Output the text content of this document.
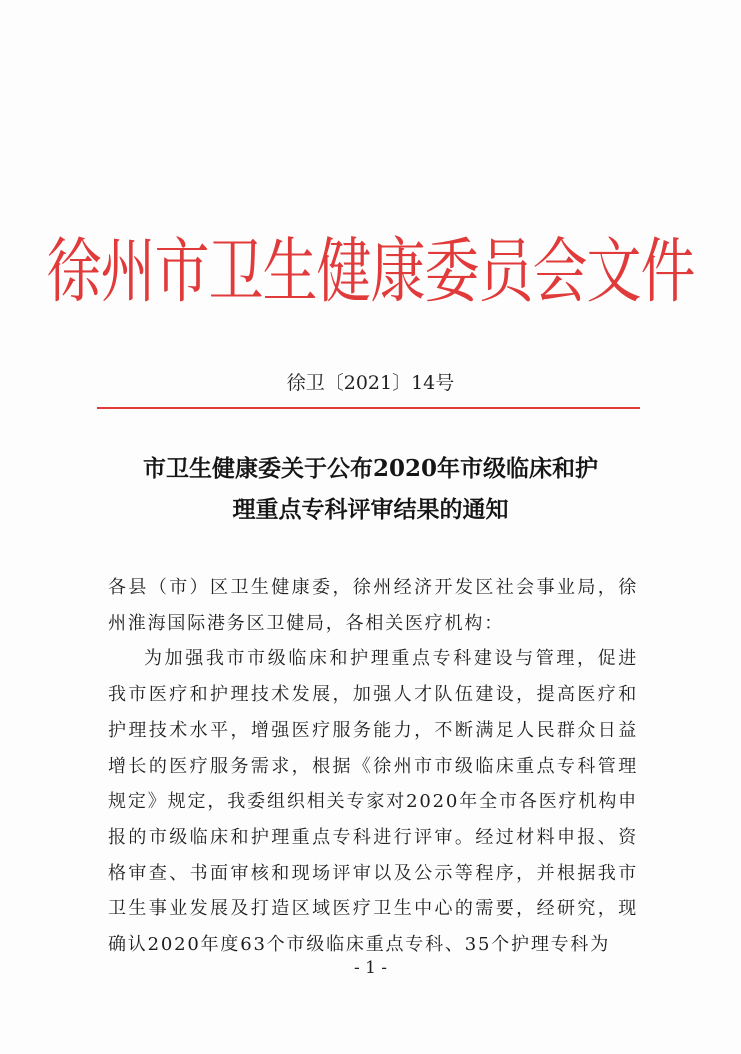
徐州市卫生健康委员会文件
徐卫〔2021〕14号
市卫生健康委关于公布2020年市级临床和护
理重点专科评审结果的通知

各县（市）区卫生健康委，徐州经济开发区社会事业局，徐州淮海国际港务区卫健局，各相关医疗机构：

为加强我市市级临床和护理重点专科建设与管理，促进我市医疗和护理技术发展，加强人才队伍建设，提高医疗和护理技术水平，增强医疗服务能力，不断满足人民群众日益增长的医疗服务需求，根据《徐州市市级临床重点专科管理规定》规定，我委组织相关专家对2020年全市各医疗机构申报的市级临床和护理重点专科进行评审。经过材料申报、资格审查、书面审核和现场评审以及公示等程序，并根据我市卫生事业发展及打造区域医疗卫生中心的需要，经研究，现确认2020年度63个市级临床重点专科、35个护理专科为

- 1 -
